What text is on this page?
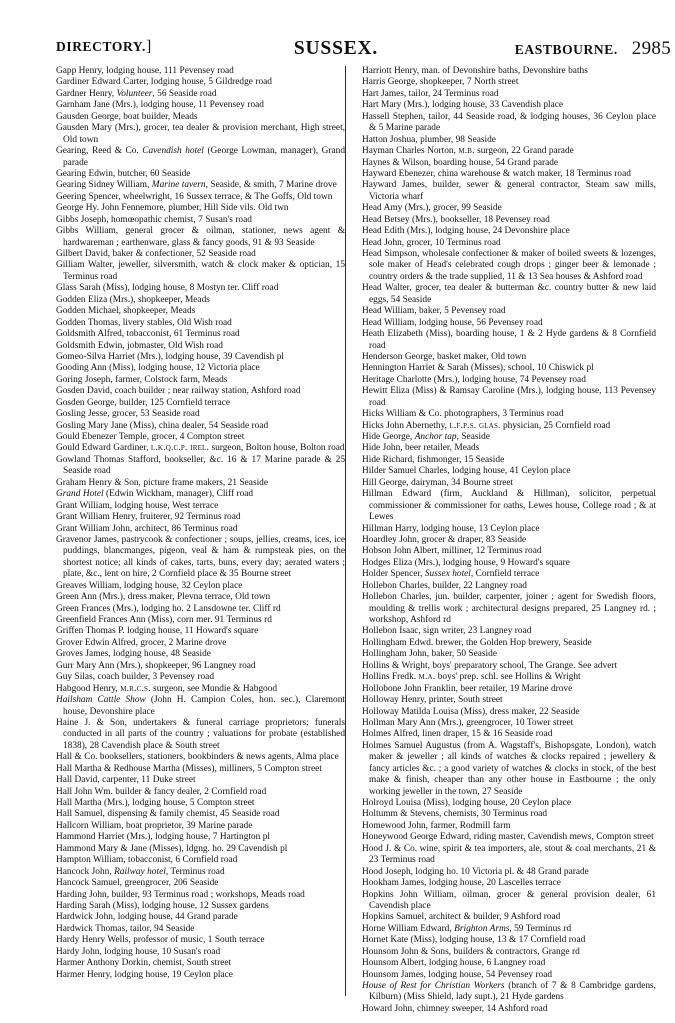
DIRECTORY.]	SUSSEX.	EASTBOURNE. 2985

Gapp Henry, lodging house, 111 Pevensey road

Gardiner Edward Carter, lodging house, 5 Gildredge road

Gardner Henry, Volunteer, 56 Seaside road

Garnham Jane (Mrs.), lodging house, 11 Pevensey road

Gausden George, boat builder, Meads

Gausden Mary (Mrs.), grocer, tea dealer & provision merchant, High street, Old town

Gearing, Reed & Co. Cavendish hotel (George Lowman, manager), Grand parade

Gearing Edwin, butcher, 60 Seaside

Gearing Sidney William, Marine tavern, Seaside, & smith, 7 Marine drove

Geering Spencer, wheelwright, 16 Sussex terrace, & The Goffs, Old town

George Hy. John Fennemore, plumber, Hill Side vils. Old twn

Gibbs Joseph, homœopathic chemist, 7 Susan's road

Gibbs William, general grocer & oilman, stationer, news agent & hardwareman ; earthenware, glass & fancy goods, 91 & 93 Seaside

Gilbert David, baker & confectioner, 52 Seaside road

Gilliam Walter, jeweller, silversmith, watch & clock maker & optician, 15 Terminus road

Glass Sarah (Miss), lodging house, 8 Mostyn ter. Cliff road

Godden Eliza (Mrs.), shopkeeper, Meads

Godden Michael, shopkeeper, Meads

Godden Thomas, livery stables, Old Wish road

Goldsmith Alfred, tobacconist, 61 Terminus road

Goldsmith Edwin, jobmaster, Old Wish road

Gomeo-Silva Harriet (Mrs.), lodging house, 39 Cavendish pl

Gooding Ann (Miss), lodging house, 12 Victoria place

Goring Joseph, farmer, Colstock farm, Meads

Gosden David, coach builder ; near railway station, Ashford road

Gosden George, builder, 125 Cornfield terrace

Gosling Jesse, grocer, 53 Seaside road

Gosling Mary Jane (Miss), china dealer, 54 Seaside road

Gould Ebenezer Temple, grocer, 4 Compton street

Gould Edward Gardiner, l.k.q.c.p. irel. surgeon, Bolton house, Bolton road

Gowland Thomas Stafford, bookseller, &c. 16 & 17 Marine parade & 25 Seaside road

Graham Henry & Son, picture frame makers, 21 Seaside

Grand Hotel (Edwin Wickham, manager), Cliff road

Grant William, lodging house, West terrace

Grant William Henry, fruiterer, 92 Terminus road

Grant William John, architect, 86 Terminus road

Gravenor James, pastrycook & confectioner ; soups, jellies, creams, ices, ice puddings, blancmanges, pigeon, veal & ham & rumpsteak pies, on the shortest notice; all kinds of cakes, tarts, buns, every day; aerated waters ; plate, &c., lent on hire, 2 Cornfield place & 35 Bourne street

Greaves William, lodging house, 32 Ceylon place

Green Ann (Mrs.), dress maker, Plevna terrace, Old town

Green Frances (Mrs.), lodging ho. 2 Lansdowne ter. Cliff rd

Greenfield Frances Ann (Miss), corn mer. 91 Terminus rd

Griffen Thomas P. lodging house, 11 Howard's square

Grover Edwin Alfred, grocer, 2 Marine drove

Groves James, lodging house, 48 Seaside

Gurr Mary Ann (Mrs.), shopkeeper, 96 Langney road

Guy Silas, coach builder, 3 Pevensey road

Habgood Henry, m.r.c.s. surgeon, see Mundie & Habgood

Hailsham Cattle Show (John H. Campion Coles, hon. sec.), Claremont house, Devonshire place

Haine J. & Son, undertakers & funeral carriage proprietors; funerals conducted in all parts of the country ; valuations for probate (established 1838), 28 Cavendish place & South street

Hall & Co. booksellers, stationers, bookbinders & news agents, Alma place

Hall Martha & Redhouse Martha (Misses), milliners, 5 Compton street

Hall David, carpenter, 11 Duke street

Hall John Wm. builder & fancy dealer, 2 Cornfield road

Hall Martha (Mrs.), lodging house, 5 Compton street

Hall Samuel, dispensing & family chemist, 45 Seaside road

Hallcorn William, boat proprietor, 39 Marine parade

Hammond Harriet (Mrs.), lodging house, 7 Hartington pl

Hammond Mary & Jane (Misses), ldgng. ho. 29 Cavendish pl

Hampton William, tobacconist, 6 Cornfield road

Hancock John, Railway hotel, Terminus road

Hancock Samuel, greengrocer, 206 Seaside

Harding John, builder, 93 Terminus road ; workshops, Meads road

Harding Sarah (Miss), lodging house, 12 Sussex gardens

Hardwick John, lodging house, 44 Grand parade

Hardwick Thomas, tailor, 94 Seaside

Hardy Henry Wells, professor of music, 1 South terrace

Hardy John, lodging house, 10 Susan's road

Harmer Anthony Dorkin, chemist, South street

Harmer Henry, lodging house, 19 Ceylon place

Harriott Henry, man. of Devonshire baths, Devonshire baths

Harris George, shopkeeper, 7 North street

Hart James, tailor, 24 Terminus road

Hart Mary (Mrs.), lodging house, 33 Cavendish place

Hassell Stephen, tailor, 44 Seaside road, & lodging houses, 36 Ceylon place & 5 Marine parade

Hatton Joshua, plumber, 98 Seaside

Hayman Charles Norton, m.b. surgeon, 22 Grand parade

Haynes & Wilson, boarding house, 54 Grand parade

Hayward Ebenezer, china warehouse & watch maker, 18 Terminus road

Hayward James, builder, sewer & general contractor, Steam saw mills, Victoria wharf

Head Amy (Mrs.), grocer, 99 Seaside

Head Betsey (Mrs.), bookseller, 18 Pevensey road

Head Edith (Mrs.), lodging house, 24 Devonshire place

Head John, grocer, 10 Terminus road

Head Simpson, wholesale confectioner & maker of boiled sweets & lozenges, sole maker of Head's celebrated cough drops ; ginger beer & lemonade ; country orders & the trade supplied, 11 & 13 Sea houses & Ashford road

Head Walter, grocer, tea dealer & butterman &c. country butter & new laid eggs, 54 Seaside

Head William, baker, 5 Pevensey road

Head William, lodging house, 56 Pevensey road

Heath Elizabeth (Miss), boarding house, 1 & 2 Hyde gardens & 8 Cornfield road

Henderson George, basket maker, Old town

Hennington Harriet & Sarah (Misses), school, 10 Chiswick pl

Heritage Charlotte (Mrs.), lodging house, 74 Pevensey road

Hewitt Eliza (Miss) & Ramsay Caroline (Mrs.), lodging house, 113 Pevensey road

Hicks William & Co. photographers, 3 Terminus road

Hicks John Abernethy, l.f.p.s. glas. physician, 25 Cornfield road

Hide George, Anchor tap, Seaside

Hide John, beer retailer, Meads

Hide Richard, fishmonger, 15 Seaside

Hilder Samuel Charles, lodging house, 41 Ceylon place

Hill George, dairyman, 34 Bourne street

Hillman Edward (firm, Auckland & Hillman), solicitor, perpetual commissioner & commissioner for oaths, Lewes house, College road ; & at Lewes

Hillman Harry, lodging house, 13 Ceylon place

Hoardley John, grocer & draper, 83 Seaside

Hobson John Albert, milliner, 12 Terminus road

Hodges Eliza (Mrs.), lodging house, 9 Howard's square

Holder Spencer, Sussex hotel, Cornfield terrace

Hollebon Charles, builder, 22 Langney road

Hollebon Charles, jun. builder, carpenter, joiner ; agent for Swedish floors, moulding & trellis work ; architectural designs prepared, 25 Langney rd. ; workshop, Ashford rd

Hollebon Isaac, sign writer, 23 Langney road

Hollingham Edwd. brewer, the Golden Hop brewery, Seaside

Hollingham John, baker, 50 Seaside

Hollins & Wright, boys' preparatory school, The Grange. See advert

Hollins Fredk. m.a. boys' prep. schl. see Hollins & Wright

Hollobone John Franklin, beer retailer, 19 Marine drove

Holloway Henry, printer, South street

Holloway Matilda Louisa (Miss), dress maker, 22 Seaside

Hollman Mary Ann (Mrs.), greengrocer, 10 Tower street

Holmes Alfred, linen draper, 15 & 16 Seaside road

Holmes Samuel Augustus (from A. Wagstaff's, Bishopsgate, London), watch maker & jeweller ; all kinds of watches & clocks repaired ; jewellery & fancy articles &c. ; a good variety of watches & clocks in stock, of the best make & finish, cheaper than any other house in Eastbourne ; the only working jeweller in the town, 27 Seaside

Holroyd Louisa (Miss), lodging house, 20 Ceylon place

Holtumm & Stevens, chemists, 30 Terminus road

Homewood John, farmer, Rodmill farm

Honeywood George Edward, riding master, Cavendish mews, Compton street

Hood J. & Co. wine, spirit & tea importers, ale, stout & coal merchants, 21 & 23 Terminus road

Hood Joseph, lodging ho. 10 Victoria pl. & 48 Grand parade

Hookham James, lodging house, 20 Lascelles terrace

Hopkins John William, oilman, grocer & general provision dealer, 61 Cavendish place

Hopkins Samuel, architect & builder, 9 Ashford road

Horne William Edward, Brighton Arms, 59 Terminus rd

Hornet Kate (Miss), lodging house, 13 & 17 Cornfield road

Hounsom John & Sons, builders & contractors, Grange rd

Hounsom Albert, lodging house, 6 Langney road

Hounsom James, lodging house, 54 Pevensey road

House of Rest for Christian Workers (branch of 7 & 8 Cambridge gardens, Kilburn) (Miss Shield, lady supt.), 21 Hyde gardens

Howard John, chimney sweeper, 14 Ashford road
